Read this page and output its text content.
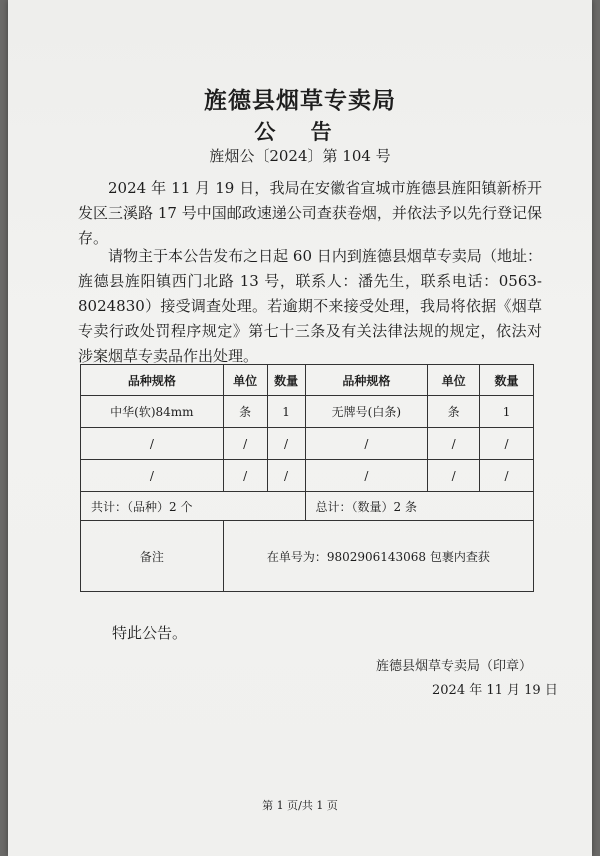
旌德县烟草专卖局
公 告
旌烟公〔2024〕第 104 号
2024 年 11 月 19 日，我局在安徽省宣城市旌德县旌阳镇新桥开发区三溪路 17 号中国邮政速递公司查获卷烟，并依法予以先行登记保存。
请物主于本公告发布之日起 60 日内到旌德县烟草专卖局（地址：旌德县旌阳镇西门北路 13 号，联系人：潘先生，联系电话：0563-8024830）接受调查处理。若逾期不来接受处理，我局将依据《烟草专卖行政处罚程序规定》第七十三条及有关法律法规的规定，依法对涉案烟草专卖品作出处理。
品种规格	单位	数量	品种规格	单位	数量
中华(软)84mm	条	1	无牌号(白条)	条	1
/	/	/	/	/	/
/	/	/	/	/	/
共计：（品种）2 个			总计：（数量）2 条		
备注	在单号为：9802906143068 包裹内查获				
特此公告。
旌德县烟草专卖局（印章）
2024 年 11 月 19 日
第 1 页/共 1 页
